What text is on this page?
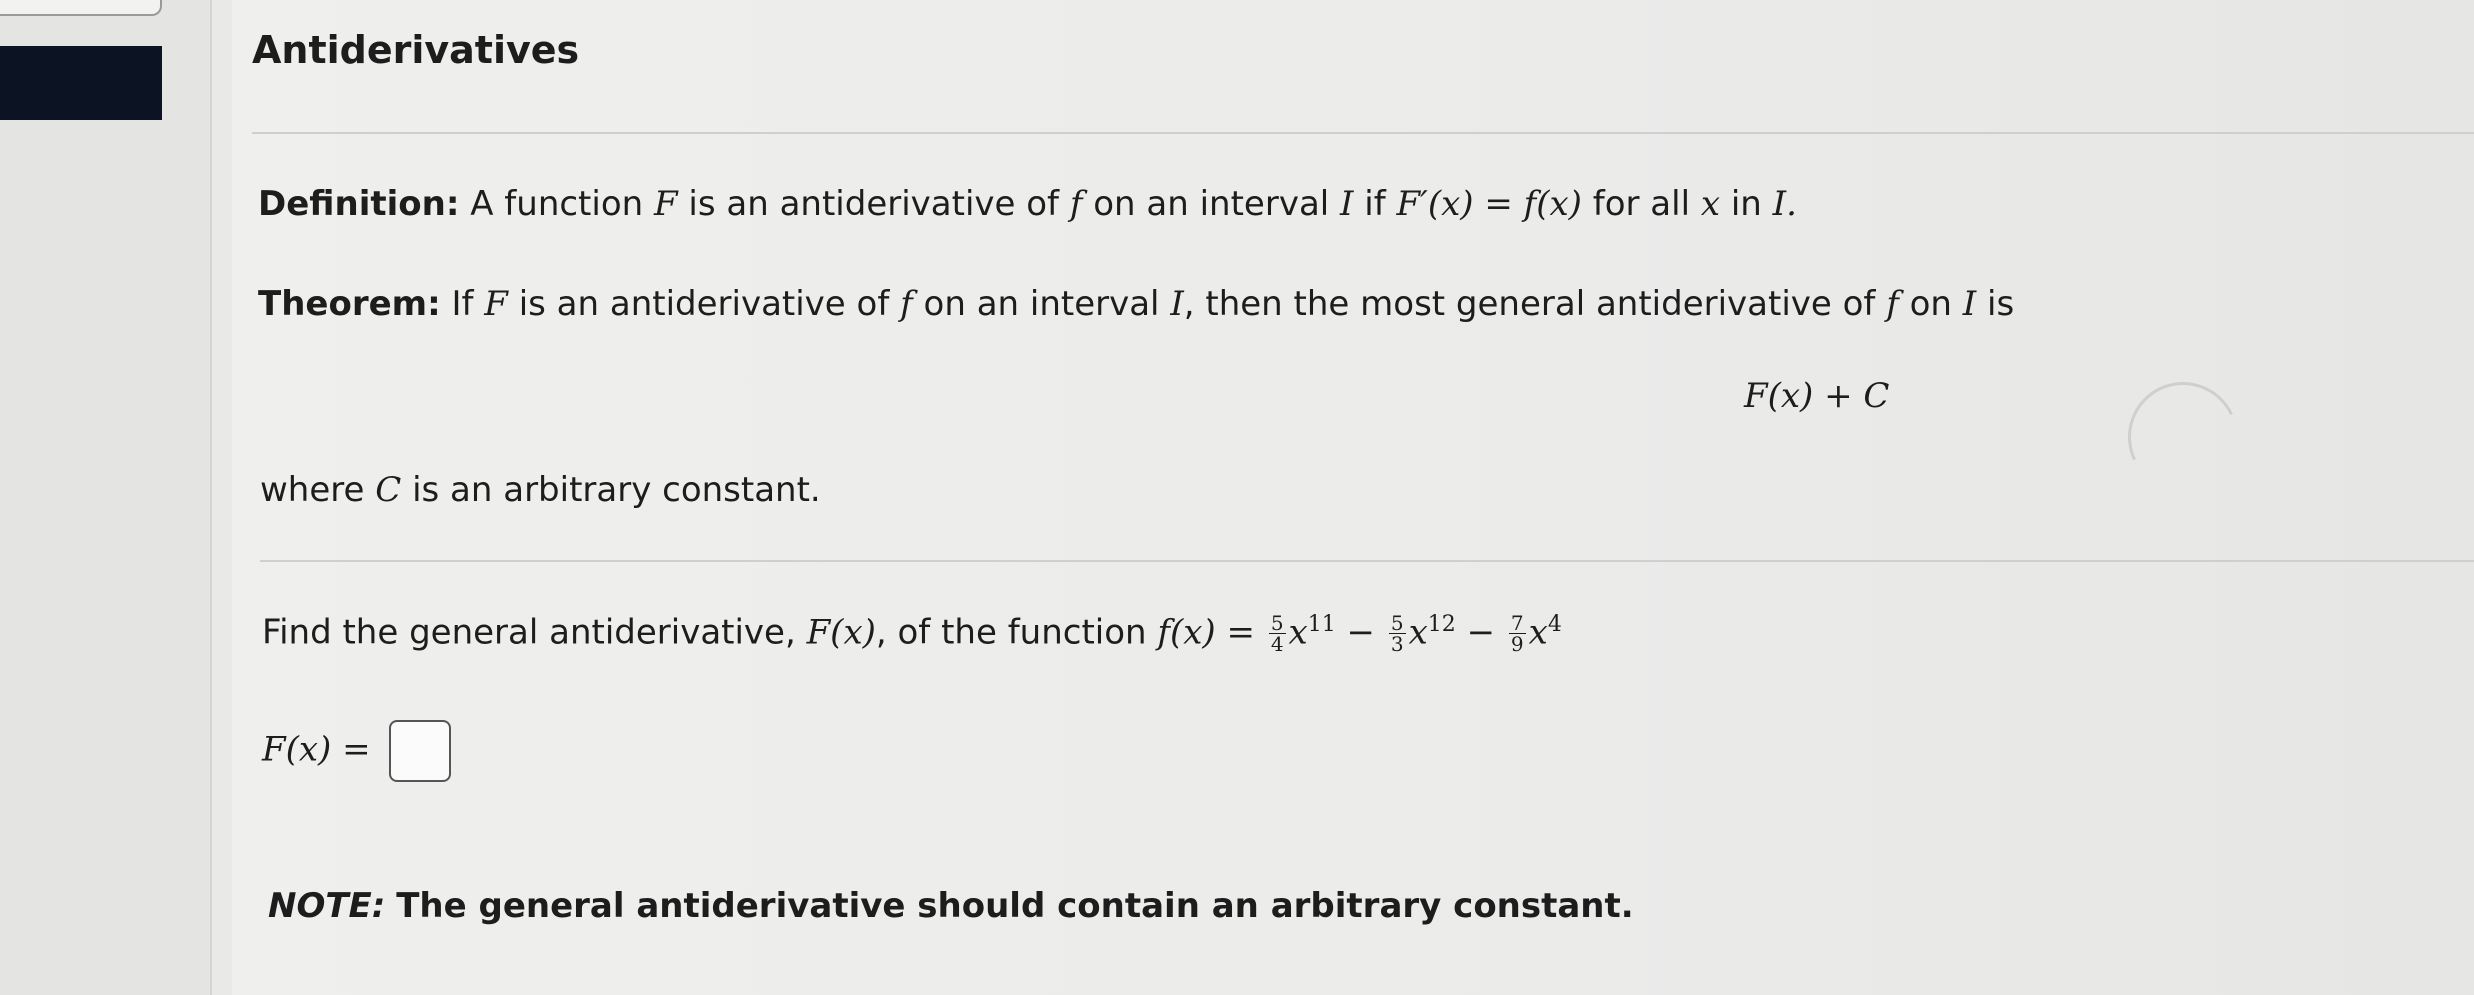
Antiderivatives
Definition: A function F is an antiderivative of f on an interval I if F′(x) = f(x) for all x in I.
Theorem: If F is an antiderivative of f on an interval I, then the most general antiderivative of f on I is
F(x) + C
where C is an arbitrary constant.
Find the general antiderivative, F(x), of the function $f(x) = \frac{5}{4} x^{11} - \frac{5}{3} x^{12} - \frac{7}{9} x^4$
F(x) =
NOTE: The general antiderivative should contain an arbitrary constant.
